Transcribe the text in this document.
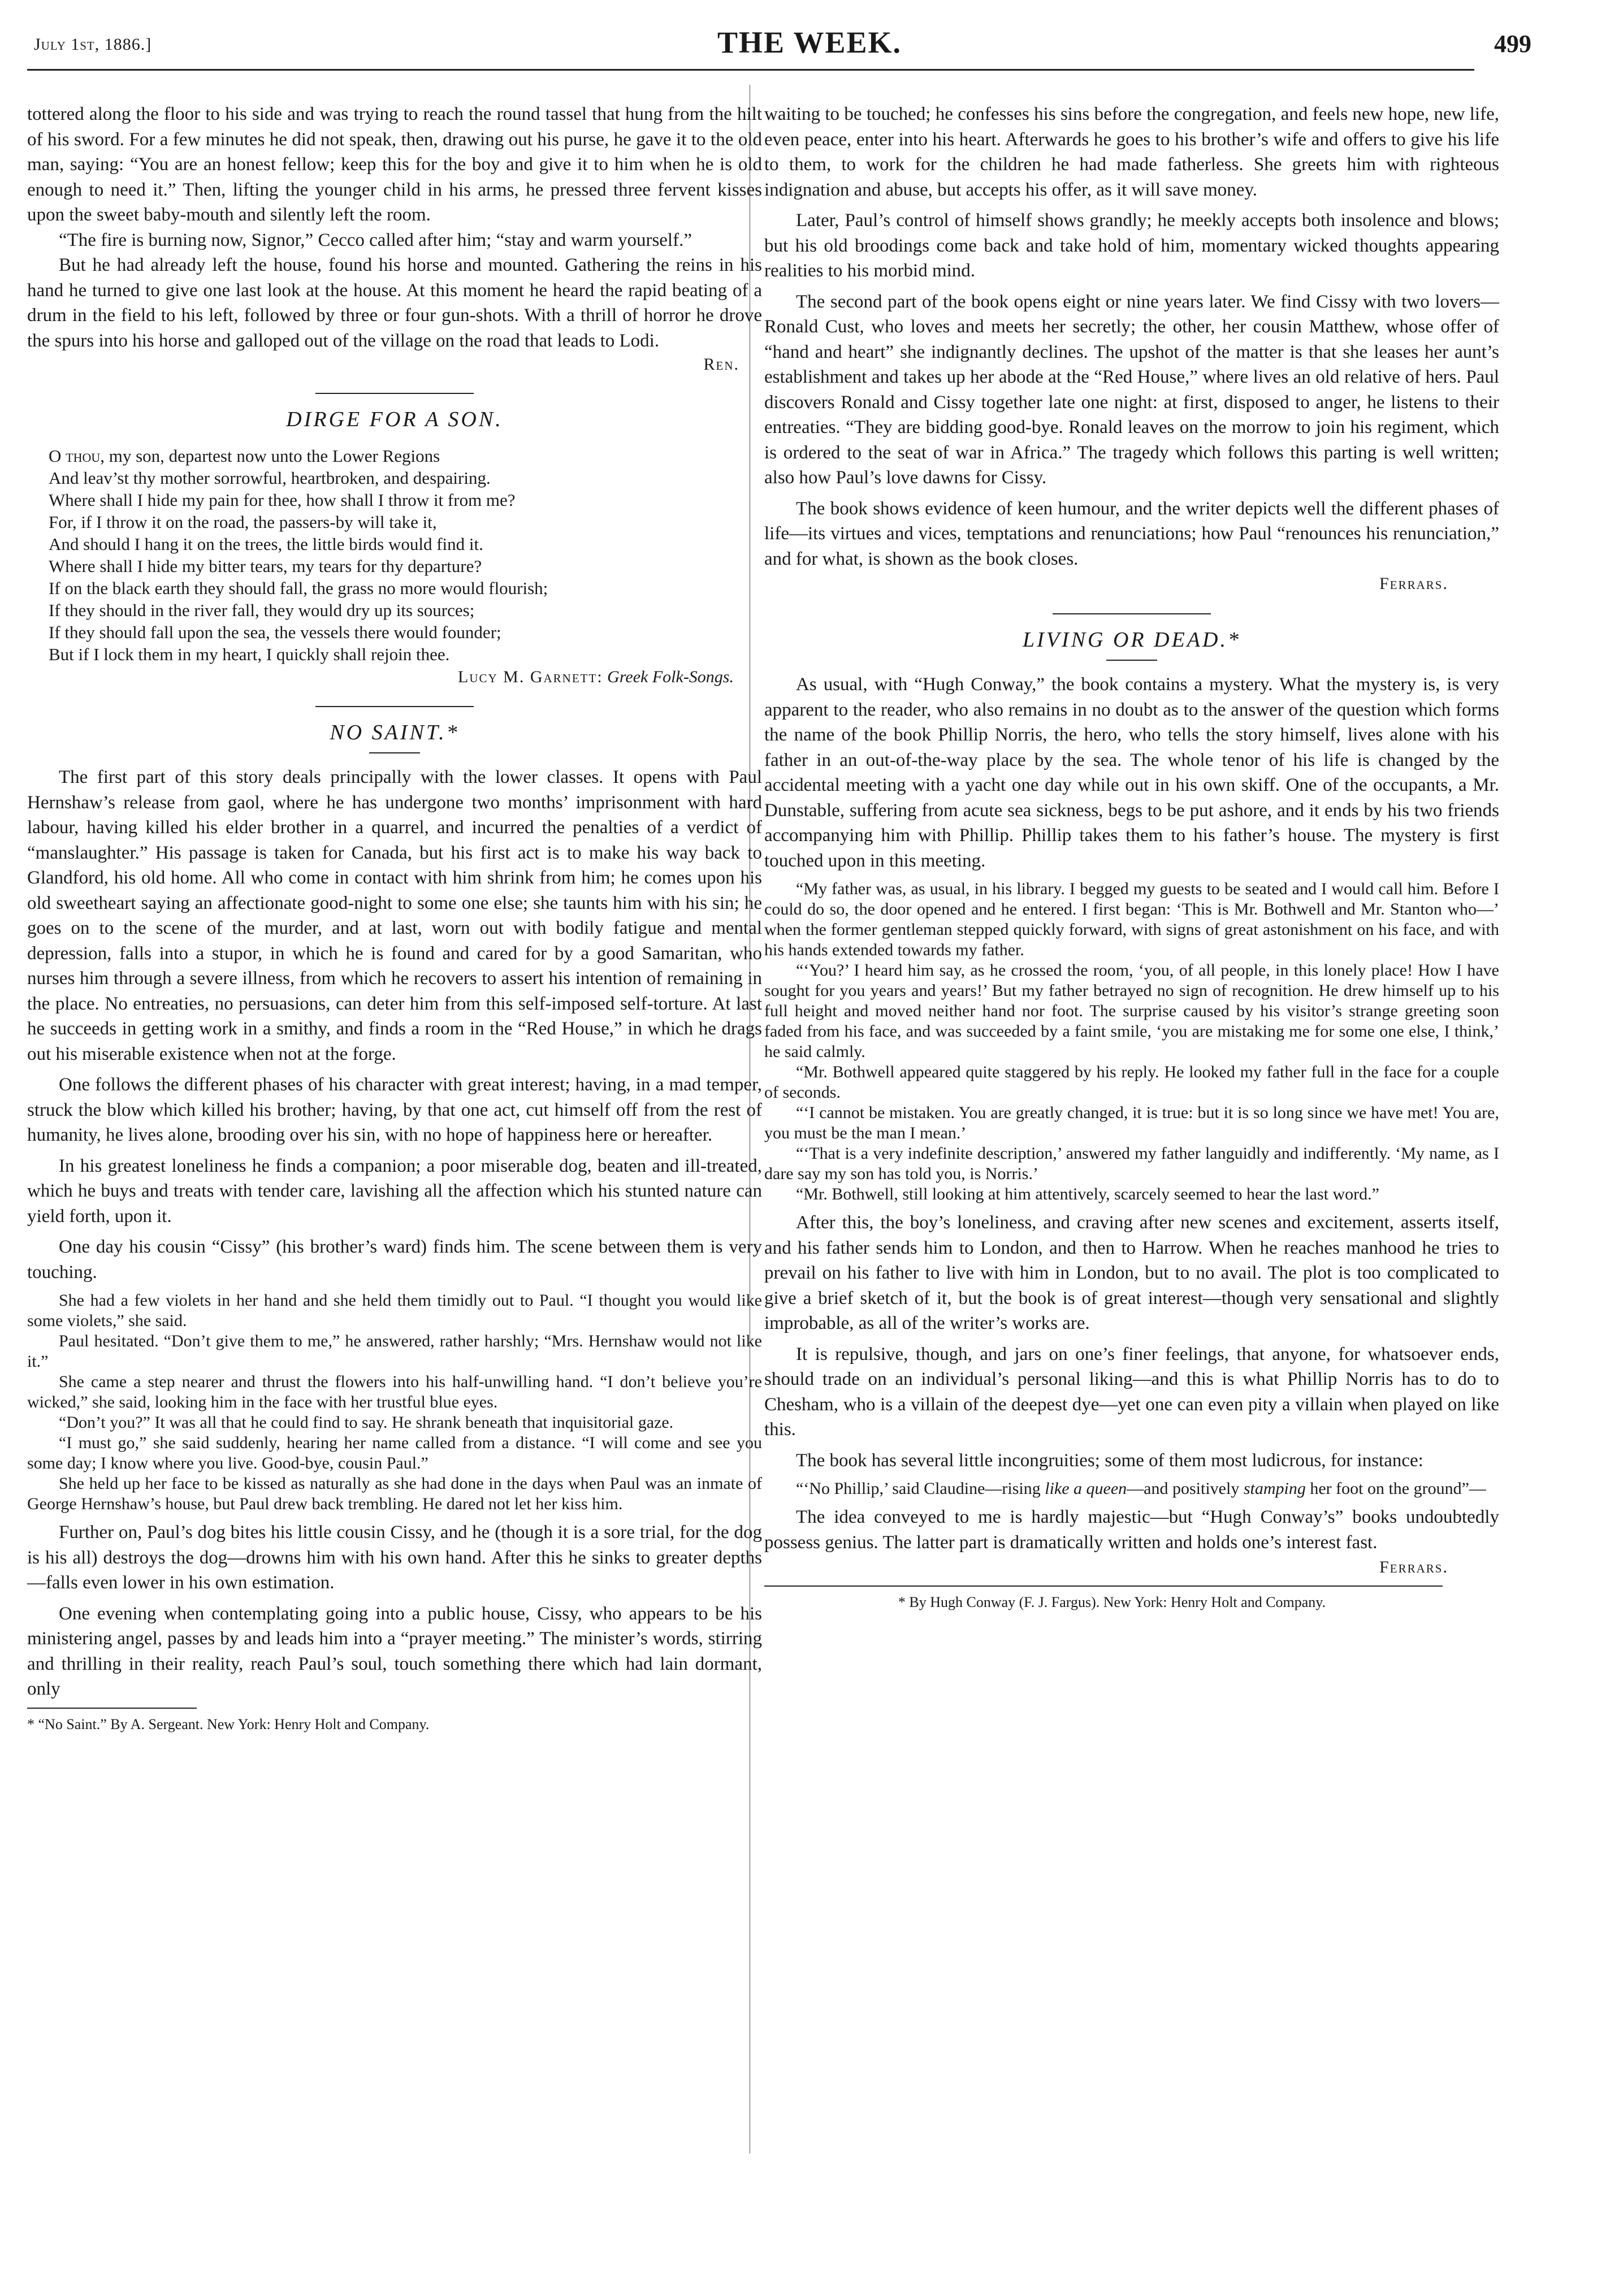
July 1st, 1886.]	THE WEEK.	499

tottered along the floor to his side and was trying to reach the round tassel that hung from the hilt of his sword. For a few minutes he did not speak, then, drawing out his purse, he gave it to the old man, saying: “You are an honest fellow; keep this for the boy and give it to him when he is old enough to need it.” Then, lifting the younger child in his arms, he pressed three fervent kisses upon the sweet baby-mouth and silently left the room.

“The fire is burning now, Signor,” Cecco called after him; “stay and warm yourself.”

But he had already left the house, found his horse and mounted. Gathering the reins in his hand he turned to give one last look at the house. At this moment he heard the rapid beating of a drum in the field to his left, followed by three or four gun-shots. With a thrill of horror he drove the spurs into his horse and galloped out of the village on the road that leads to Lodi.

Ren.
DIRGE FOR A SON.
O thou, my son, departest now unto the Lower Regions
And leav’st thy mother sorrowful, heartbroken, and despairing.
Where shall I hide my pain for thee, how shall I throw it from me?
For, if I throw it on the road, the passers-by will take it,
And should I hang it on the trees, the little birds would find it.
Where shall I hide my bitter tears, my tears for thy departure?
If on the black earth they should fall, the grass no more would flourish;
If they should in the river fall, they would dry up its sources;
If they should fall upon the sea, the vessels there would founder;
But if I lock them in my heart, I quickly shall rejoin thee.
Lucy M. Garnett: Greek Folk-Songs.
NO SAINT.*

The first part of this story deals principally with the lower classes. It opens with Paul Hernshaw’s release from gaol, where he has undergone two months’ imprisonment with hard labour, having killed his elder brother in a quarrel, and incurred the penalties of a verdict of “manslaughter.” His passage is taken for Canada, but his first act is to make his way back to Glandford, his old home. All who come in contact with him shrink from him; he comes upon his old sweetheart saying an affectionate good-night to some one else; she taunts him with his sin; he goes on to the scene of the murder, and at last, worn out with bodily fatigue and mental depression, falls into a stupor, in which he is found and cared for by a good Samaritan, who nurses him through a severe illness, from which he recovers to assert his intention of remaining in the place. No entreaties, no persuasions, can deter him from this self-imposed self-torture. At last he succeeds in getting work in a smithy, and finds a room in the “Red House,” in which he drags out his miserable existence when not at the forge.

One follows the different phases of his character with great interest; having, in a mad temper, struck the blow which killed his brother; having, by that one act, cut himself off from the rest of humanity, he lives alone, brooding over his sin, with no hope of happiness here or hereafter.

In his greatest loneliness he finds a companion; a poor miserable dog, beaten and ill-treated, which he buys and treats with tender care, lavishing all the affection which his stunted nature can yield forth, upon it.

One day his cousin “Cissy” (his brother’s ward) finds him. The scene between them is very touching.

She had a few violets in her hand and she held them timidly out to Paul. “I thought you would like some violets,” she said.

Paul hesitated. “Don’t give them to me,” he answered, rather harshly; “Mrs. Hernshaw would not like it.”

She came a step nearer and thrust the flowers into his half-unwilling hand. “I don’t believe you’re wicked,” she said, looking him in the face with her trustful blue eyes.

“Don’t you?” It was all that he could find to say. He shrank beneath that inquisitorial gaze.

“I must go,” she said suddenly, hearing her name called from a distance. “I will come and see you some day; I know where you live. Good-bye, cousin Paul.”

She held up her face to be kissed as naturally as she had done in the days when Paul was an inmate of George Hernshaw’s house, but Paul drew back trembling. He dared not let her kiss him.

Further on, Paul’s dog bites his little cousin Cissy, and he (though it is a sore trial, for the dog is his all) destroys the dog—drowns him with his own hand. After this he sinks to greater depths—falls even lower in his own estimation.

One evening when contemplating going into a public house, Cissy, who appears to be his ministering angel, passes by and leads him into a “prayer meeting.” The minister’s words, stirring and thrilling in their reality, reach Paul’s soul, touch something there which had lain dormant, only

* “No Saint.” By A. Sergeant. New York: Henry Holt and Company.

waiting to be touched; he confesses his sins before the congregation, and feels new hope, new life, even peace, enter into his heart. Afterwards he goes to his brother’s wife and offers to give his life to them, to work for the children he had made fatherless. She greets him with righteous indignation and abuse, but accepts his offer, as it will save money.

Later, Paul’s control of himself shows grandly; he meekly accepts both insolence and blows; but his old broodings come back and take hold of him, momentary wicked thoughts appearing realities to his morbid mind.

The second part of the book opens eight or nine years later. We find Cissy with two lovers—Ronald Cust, who loves and meets her secretly; the other, her cousin Matthew, whose offer of “hand and heart” she indignantly declines. The upshot of the matter is that she leases her aunt’s establishment and takes up her abode at the “Red House,” where lives an old relative of hers. Paul discovers Ronald and Cissy together late one night: at first, disposed to anger, he listens to their entreaties. “They are bidding good-bye. Ronald leaves on the morrow to join his regiment, which is ordered to the seat of war in Africa.” The tragedy which follows this parting is well written; also how Paul’s love dawns for Cissy.

The book shows evidence of keen humour, and the writer depicts well the different phases of life—its virtues and vices, temptations and renunciations; how Paul “renounces his renunciation,” and for what, is shown as the book closes.

Ferrars.
LIVING OR DEAD.*

As usual, with “Hugh Conway,” the book contains a mystery. What the mystery is, is very apparent to the reader, who also remains in no doubt as to the answer of the question which forms the name of the book Phillip Norris, the hero, who tells the story himself, lives alone with his father in an out-of-the-way place by the sea. The whole tenor of his life is changed by the accidental meeting with a yacht one day while out in his own skiff. One of the occupants, a Mr. Dunstable, suffering from acute sea sickness, begs to be put ashore, and it ends by his two friends accompanying him with Phillip. Phillip takes them to his father’s house. The mystery is first touched upon in this meeting.

“My father was, as usual, in his library. I begged my guests to be seated and I would call him. Before I could do so, the door opened and he entered. I first began: ‘This is Mr. Bothwell and Mr. Stanton who—’ when the former gentleman stepped quickly forward, with signs of great astonishment on his face, and with his hands extended towards my father.

“‘You?’ I heard him say, as he crossed the room, ‘you, of all people, in this lonely place! How I have sought for you years and years!’ But my father betrayed no sign of recognition. He drew himself up to his full height and moved neither hand nor foot. The surprise caused by his visitor’s strange greeting soon faded from his face, and was succeeded by a faint smile, ‘you are mistaking me for some one else, I think,’ he said calmly.

“Mr. Bothwell appeared quite staggered by his reply. He looked my father full in the face for a couple of seconds.

“‘I cannot be mistaken. You are greatly changed, it is true: but it is so long since we have met! You are, you must be the man I mean.’

“‘That is a very indefinite description,’ answered my father languidly and indifferently. ‘My name, as I dare say my son has told you, is Norris.’

“Mr. Bothwell, still looking at him attentively, scarcely seemed to hear the last word.”

After this, the boy’s loneliness, and craving after new scenes and excitement, asserts itself, and his father sends him to London, and then to Harrow. When he reaches manhood he tries to prevail on his father to live with him in London, but to no avail. The plot is too complicated to give a brief sketch of it, but the book is of great interest—though very sensational and slightly improbable, as all of the writer’s works are.

It is repulsive, though, and jars on one’s finer feelings, that anyone, for whatsoever ends, should trade on an individual’s personal liking—and this is what Phillip Norris has to do to Chesham, who is a villain of the deepest dye—yet one can even pity a villain when played on like this.

The book has several little incongruities; some of them most ludicrous, for instance:

“‘No Phillip,’ said Claudine—rising like a queen—and positively stamping her foot on the ground”—

The idea conveyed to me is hardly majestic—but “Hugh Conway’s” books undoubtedly possess genius. The latter part is dramatically written and holds one’s interest fast.

Ferrars.
* By Hugh Conway (F. J. Fargus). New York: Henry Holt and Company.
